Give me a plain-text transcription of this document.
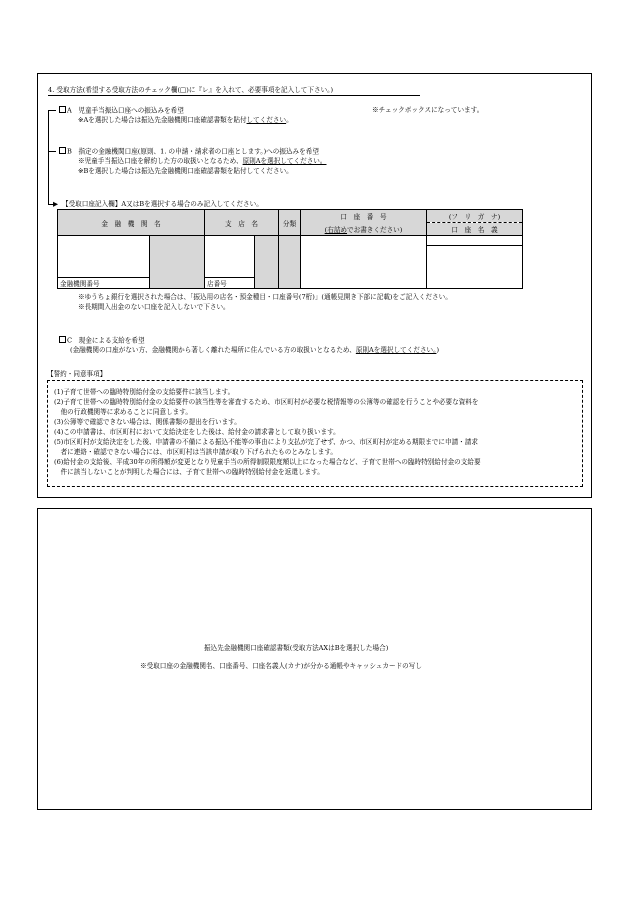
4. 受取方法(希望する受取方法のチェック欄(□)に『レ』を入れて、必要事項を記入して下さい。)
▶
A　児童手当振込口座への振込みを希望
※Aを選択した場合は振込先金融機関口座確認書類を貼付してください。
※チェックボックスになっています。
B　指定の金融機関口座(原則、1. の申請・請求者の口座とします。)への振込みを希望
※児童手当振込口座を解約した方の取扱いとなるため、原則Aを選択してください。
※Bを選択した場合は振込先金融機関口座確認書類を貼付してください。
【受取口座記入欄】A又はBを選択する場合のみ記入してください。
金　融　機　関　名		支　店　名		分類	口　座　番　号	(フ　リ　ガ　ナ)
					(右詰めでお書きください)	口　座　名　義

金融機関番号		店番号				
※ゆうちょ銀行を選択された場合は、「振込用の店名・預金種目・口座番号(7桁)」(通帳見開き下部に記載)をご記入ください。
※長期間入出金のない口座を記入しないで下さい。
C　現金による支給を希望
(金融機関の口座がない方、金融機関から著しく離れた場所に住んでいる方の取扱いとなるため、原則Aを選択してください。)
【誓約・同意事項】
(1)子育て世帯への臨時特別給付金の支給要件に該当します。
(2)子育て世帯への臨時特別給付金の支給要件の該当性等を審査するため、市区町村が必要な税情報等の公簿等の確認を行うことや必要な資料を
　他の行政機関等に求めることに同意します。
(3)公簿等で確認できない場合は、関係書類の提出を行います。
(4)この申請書は、市区町村において支給決定をした後は、給付金の請求書として取り扱います。
(5)市区町村が支給決定をした後、申請書の不備による振込不能等の事由により支払が完了せず、かつ、市区町村が定める期限までに申請・請求
　者に連絡・確認できない場合には、市区町村は当該申請が取り下げられたものとみなします。
(6)給付金の支給後、平成30年の所得額が変更となり児童手当の所得制限限度額以上になった場合など、子育て世帯への臨時特別給付金の支給要
　件に該当しないことが判明した場合には、子育て世帯への臨時特別給付金を返還します。
振込先金融機関口座確認書類(受取方法AXはBを選択した場合)
※受取口座の金融機関名、口座番号、口座名義人(カナ)が分かる通帳やキャッシュカードの写し
